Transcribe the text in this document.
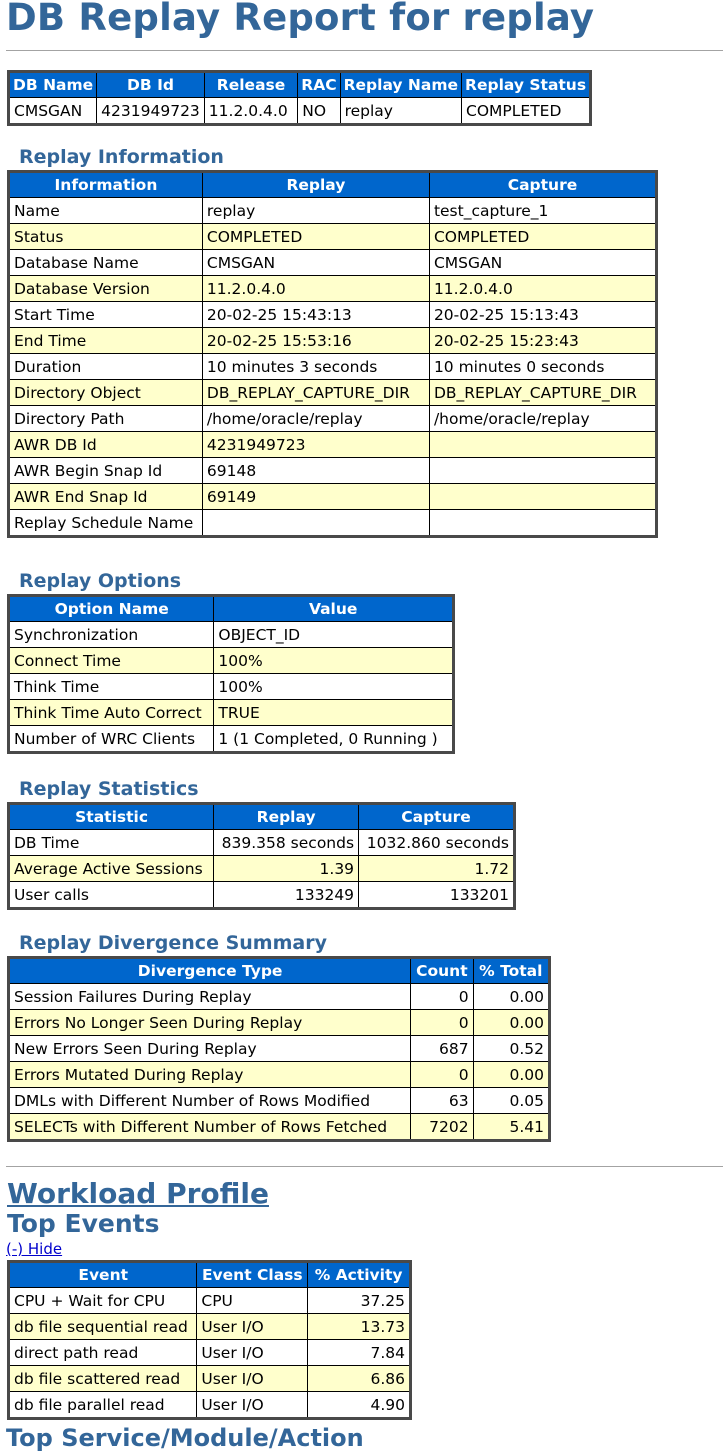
DB Replay Report for replay
DB Name	DB Id	Release	RAC	Replay Name	Replay Status
CMSGAN	4231949723	11.2.0.4.0	NO	replay	COMPLETED
Replay Information
Information	Replay	Capture
Name	replay	test_capture_1
Status	COMPLETED	COMPLETED
Database Name	CMSGAN	CMSGAN
Database Version	11.2.0.4.0	11.2.0.4.0
Start Time	20-02-25 15:43:13	20-02-25 15:13:43
End Time	20-02-25 15:53:16	20-02-25 15:23:43
Duration	10 minutes 3 seconds	10 minutes 0 seconds
Directory Object	DB_REPLAY_CAPTURE_DIR	DB_REPLAY_CAPTURE_DIR
Directory Path	/home/oracle/replay	/home/oracle/replay
AWR DB Id	4231949723	
AWR Begin Snap Id	69148	
AWR End Snap Id	69149	
Replay Schedule Name		
Replay Options
Option Name	Value
Synchronization	OBJECT_ID
Connect Time	100%
Think Time	100%
Think Time Auto Correct	TRUE
Number of WRC Clients	1 (1 Completed, 0 Running )
Replay Statistics
Statistic	Replay	Capture
DB Time	839.358 seconds	1032.860 seconds
Average Active Sessions	1.39	1.72
User calls	133249	133201
Replay Divergence Summary
Divergence Type	Count	% Total
Session Failures During Replay	0	0.00
Errors No Longer Seen During Replay	0	0.00
New Errors Seen During Replay	687	0.52
Errors Mutated During Replay	0	0.00
DMLs with Different Number of Rows Modified	63	0.05
SELECTs with Different Number of Rows Fetched	7202	5.41
Workload Profile
Top Events
(-) Hide
Event	Event Class	% Activity
CPU + Wait for CPU	CPU	37.25
db file sequential read	User I/O	13.73
direct path read	User I/O	7.84
db file scattered read	User I/O	6.86
db file parallel read	User I/O	4.90
Top Service/Module/Action
